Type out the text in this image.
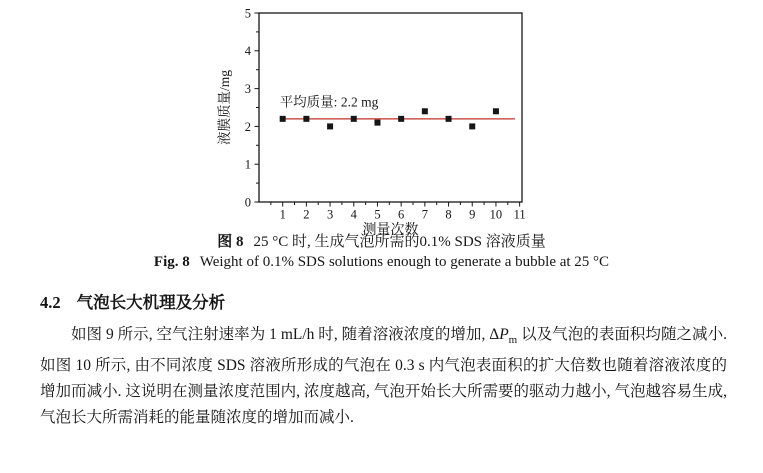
1 2 3 4 5 6 7 8 9 10 11
0
1
2
3
4
5
液膜质量/mg
测量次数
平均质量: 2.2 mg
图 8 25 °C 时, 生成气泡所需的0.1% SDS 溶液质量
Fig. 8 Weight of 0.1% SDS solutions enough to generate a bubble at 25 °C
4.2 气泡长大机理及分析

如图 9 所示, 空气注射速率为 1 mL/h 时, 随着溶液浓度的增加, $\Delta P_m$ 以及气泡的表面积均随之减小. 如图 10 所示, 由不同浓度 SDS 溶液所形成的气泡在 0.3 s 内气泡表面积的扩大倍数也随着溶液浓度的增加而减小. 这说明在测量浓度范围内, 浓度越高, 气泡开始长大所需要的驱动力越小, 气泡越容易生成, 气泡长大所需消耗的能量随浓度的增加而减小.
